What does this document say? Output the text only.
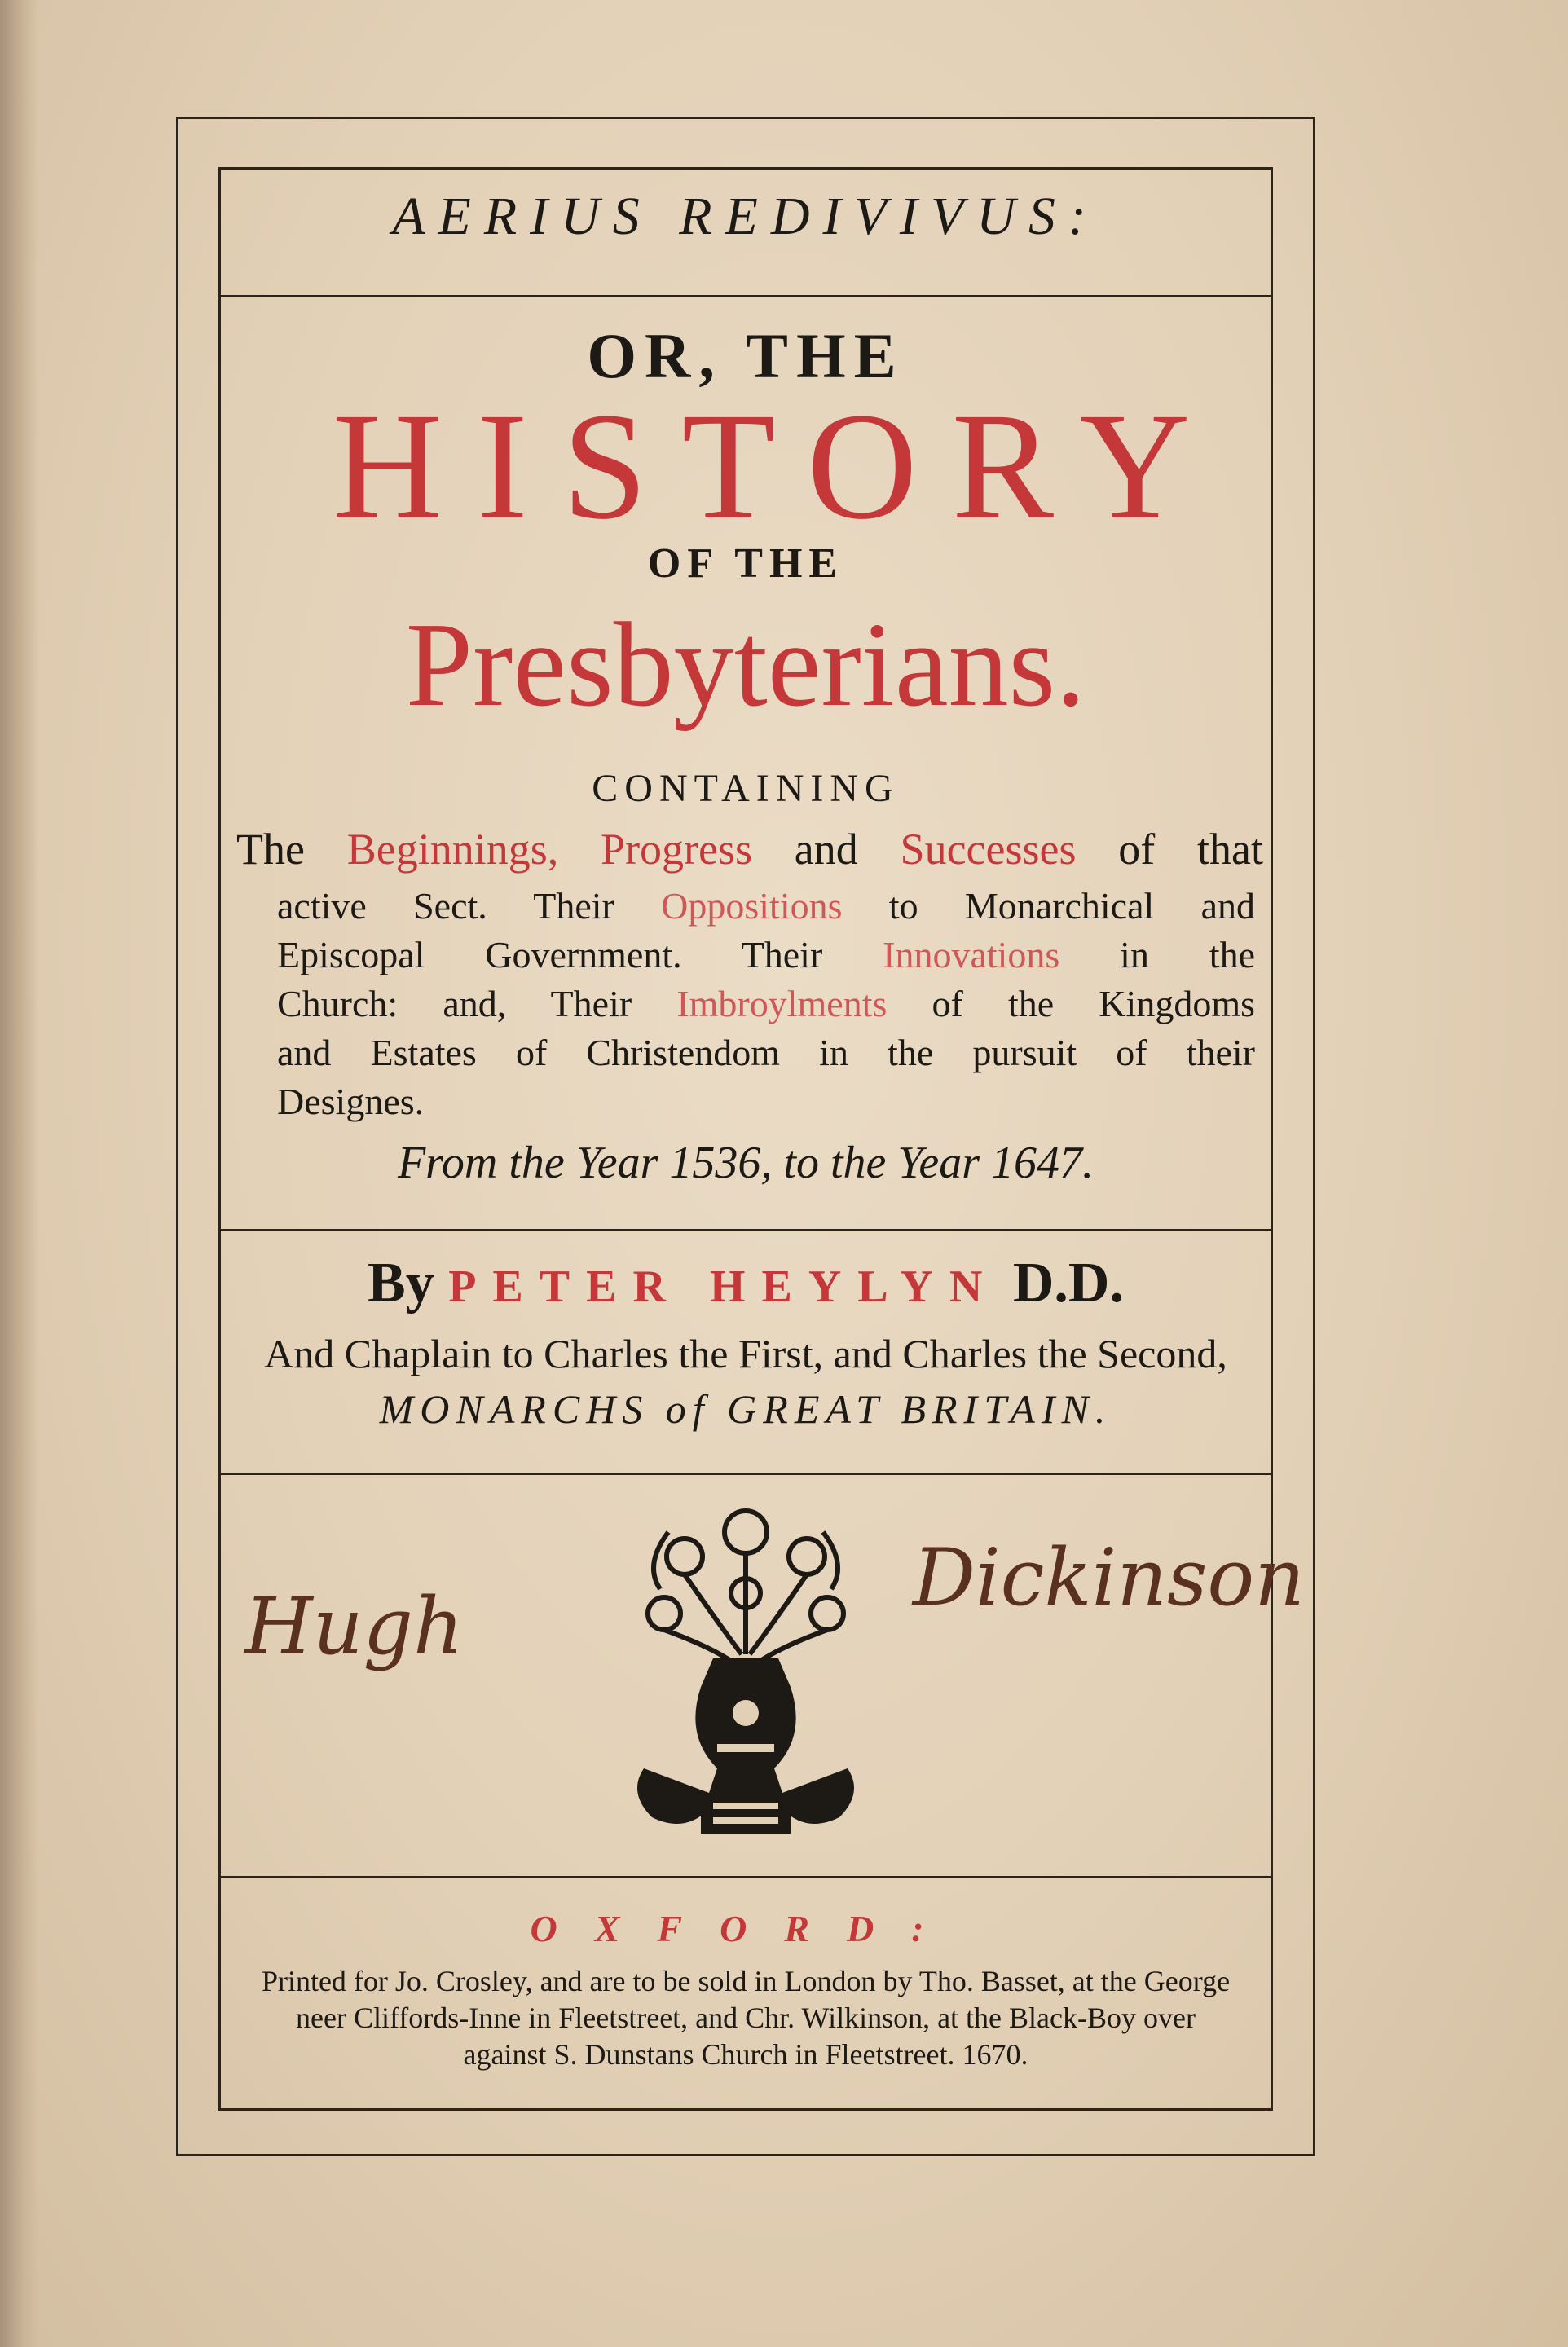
AERIUS REDIVIVUS:

OR, THE

HISTORY

OF THE

Presbyterians.

CONTAINING

The Beginnings, Progress and Successes of that
active Sect. Their Oppositions to Monarchical and
Episcopal Government. Their Innovations in the
Church: and, Their Imbroylments of the Kingdoms
and Estates of Christendom in the pursuit of their
Designes.

From the Year 1536, to the Year 1647.

By PETER HEYLYN D.D.

And Chaplain to Charles the First, and Charles the Second,

MONARCHS of GREAT BRITAIN.

Hugh

Dickinson

OXFORD:

Printed for Jo. Crosley, and are to be sold in London by Tho. Basset, at the George

neer Cliffords-Inne in Fleetstreet, and Chr. Wilkinson, at the Black-Boy over

against S. Dunstans Church in Fleetstreet. 1670.
